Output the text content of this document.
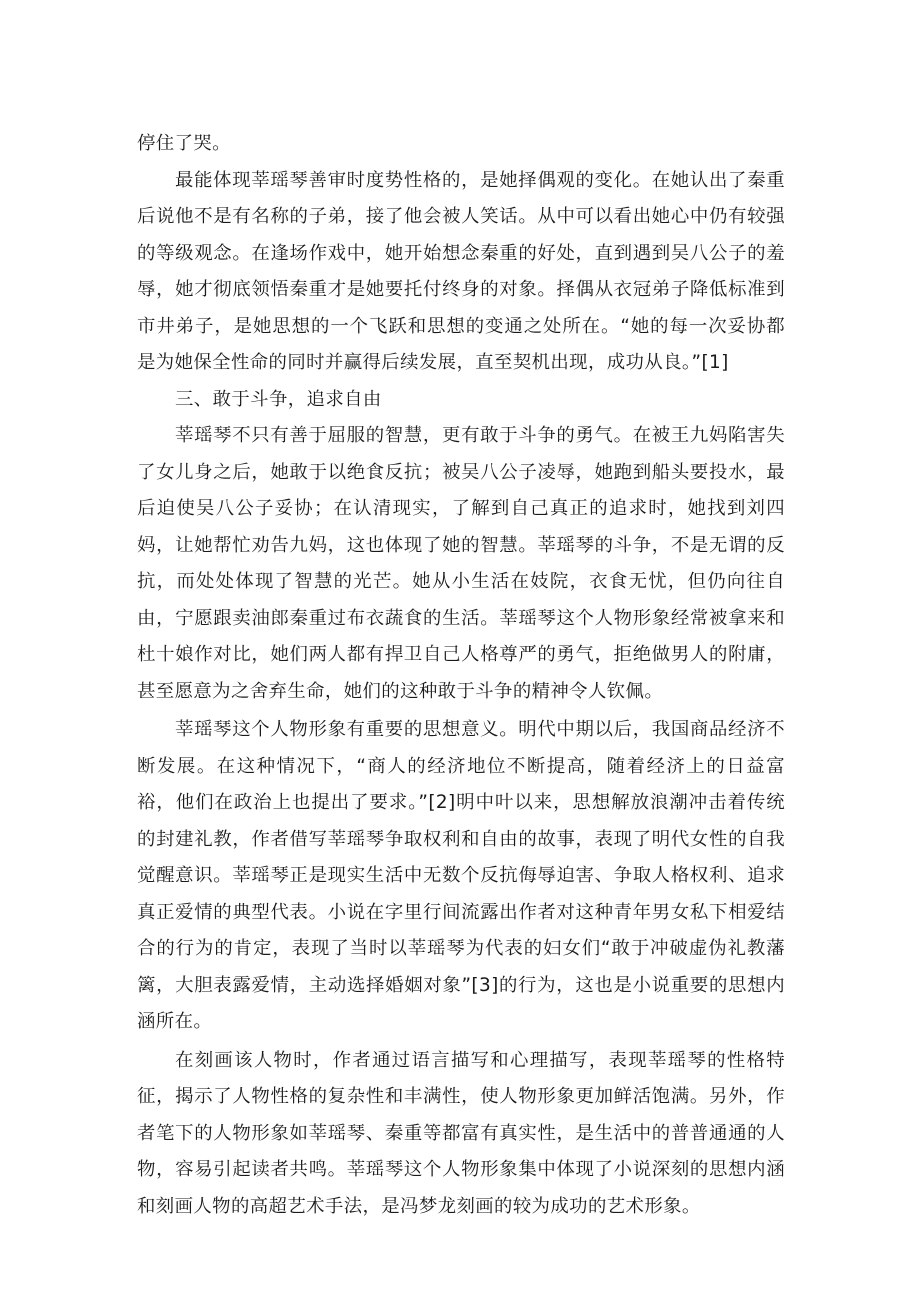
停住了哭。

最能体现莘瑶琴善审时度势性格的，是她择偶观的变化。在她认出了秦重后说他不是有名称的子弟，接了他会被人笑话。从中可以看出她心中仍有较强的等级观念。在逢场作戏中，她开始想念秦重的好处，直到遇到吴八公子的羞辱，她才彻底领悟秦重才是她要托付终身的对象。择偶从衣冠弟子降低标准到市井弟子，是她思想的一个飞跃和思想的变通之处所在。“她的每一次妥协都是为她保全性命的同时并赢得后续发展，直至契机出现，成功从良。”[1]

三、敢于斗争，追求自由

莘瑶琴不只有善于屈服的智慧，更有敢于斗争的勇气。在被王九妈陷害失了女儿身之后，她敢于以绝食反抗；被吴八公子凌辱，她跑到船头要投水，最后迫使吴八公子妥协；在认清现实，了解到自己真正的追求时，她找到刘四妈，让她帮忙劝告九妈，这也体现了她的智慧。莘瑶琴的斗争，不是无谓的反抗，而处处体现了智慧的光芒。她从小生活在妓院，衣食无忧，但仍向往自由，宁愿跟卖油郎秦重过布衣蔬食的生活。莘瑶琴这个人物形象经常被拿来和杜十娘作对比，她们两人都有捍卫自己人格尊严的勇气，拒绝做男人的附庸，甚至愿意为之舍弃生命，她们的这种敢于斗争的精神令人钦佩。

莘瑶琴这个人物形象有重要的思想意义。明代中期以后，我国商品经济不断发展。在这种情况下，“商人的经济地位不断提高，随着经济上的日益富裕，他们在政治上也提出了要求。”[2]明中叶以来，思想解放浪潮冲击着传统的封建礼教，作者借写莘瑶琴争取权利和自由的故事，表现了明代女性的自我觉醒意识。莘瑶琴正是现实生活中无数个反抗侮辱迫害、争取人格权利、追求真正爱情的典型代表。小说在字里行间流露出作者对这种青年男女私下相爱结合的行为的肯定，表现了当时以莘瑶琴为代表的妇女们“敢于冲破虚伪礼教藩篱，大胆表露爱情，主动选择婚姻对象”[3]的行为，这也是小说重要的思想内涵所在。

在刻画该人物时，作者通过语言描写和心理描写，表现莘瑶琴的性格特征，揭示了人物性格的复杂性和丰满性，使人物形象更加鲜活饱满。另外，作者笔下的人物形象如莘瑶琴、秦重等都富有真实性，是生活中的普普通通的人物，容易引起读者共鸣。莘瑶琴这个人物形象集中体现了小说深刻的思想内涵和刻画人物的高超艺术手法，是冯梦龙刻画的较为成功的艺术形象。
